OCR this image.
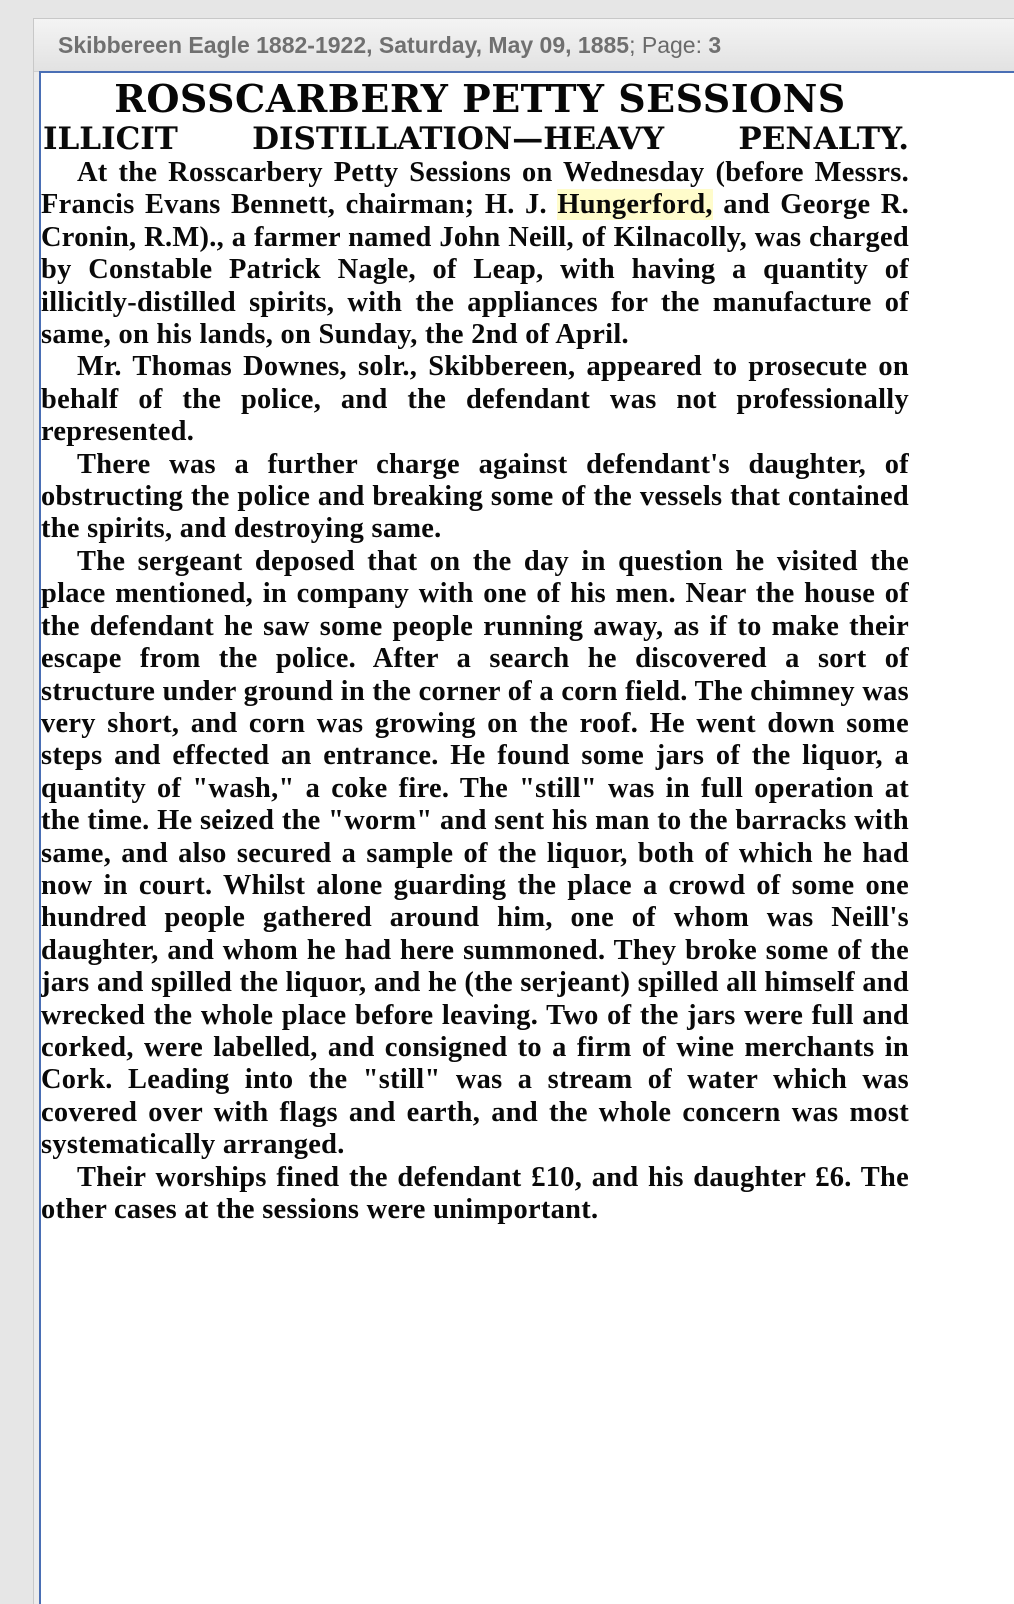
Skibbereen Eagle 1882-1922, Saturday, May 09, 1885; Page: 3
ROSSCARBERY PETTY SESSIONS
ILLICIT DISTILLATION—HEAVY PENALTY.

At the Rosscarbery Petty Sessions on Wednesday (before Messrs. Francis Evans Bennett, chairman; H. J. Hungerford, and George R. Cronin, R.M)., a farmer named John Neill, of Kilnacolly, was charged by Constable Patrick Nagle, of Leap, with having a quantity of illicitly-distilled spirits, with the appliances for the manufacture of same, on his lands, on Sunday, the 2nd of April.

Mr. Thomas Downes, solr., Skibbereen, appeared to prosecute on behalf of the police, and the defendant was not professionally represented.

There was a further charge against defendant's daughter, of obstructing the police and breaking some of the vessels that contained the spirits, and destroying same.

The sergeant deposed that on the day in question he visited the place mentioned, in company with one of his men. Near the house of the defendant he saw some people running away, as if to make their escape from the police. After a search he discovered a sort of structure under ground in the corner of a corn field. The chimney was very short, and corn was growing on the roof. He went down some steps and effected an entrance. He found some jars of the liquor, a quantity of "wash," a coke fire. The "still" was in full operation at the time. He seized the "worm" and sent his man to the barracks with same, and also secured a sample of the liquor, both of which he had now in court. Whilst alone guarding the place a crowd of some one hundred people gathered around him, one of whom was Neill's daughter, and whom he had here summoned. They broke some of the jars and spilled the liquor, and he (the serjeant) spilled all himself and wrecked the whole place before leaving. Two of the jars were full and corked, were labelled, and consigned to a firm of wine merchants in Cork. Leading into the "still" was a stream of water which was covered over with flags and earth, and the whole concern was most systematically arranged.

Their worships fined the defendant £10, and his daughter £6. The other cases at the sessions were unimportant.
